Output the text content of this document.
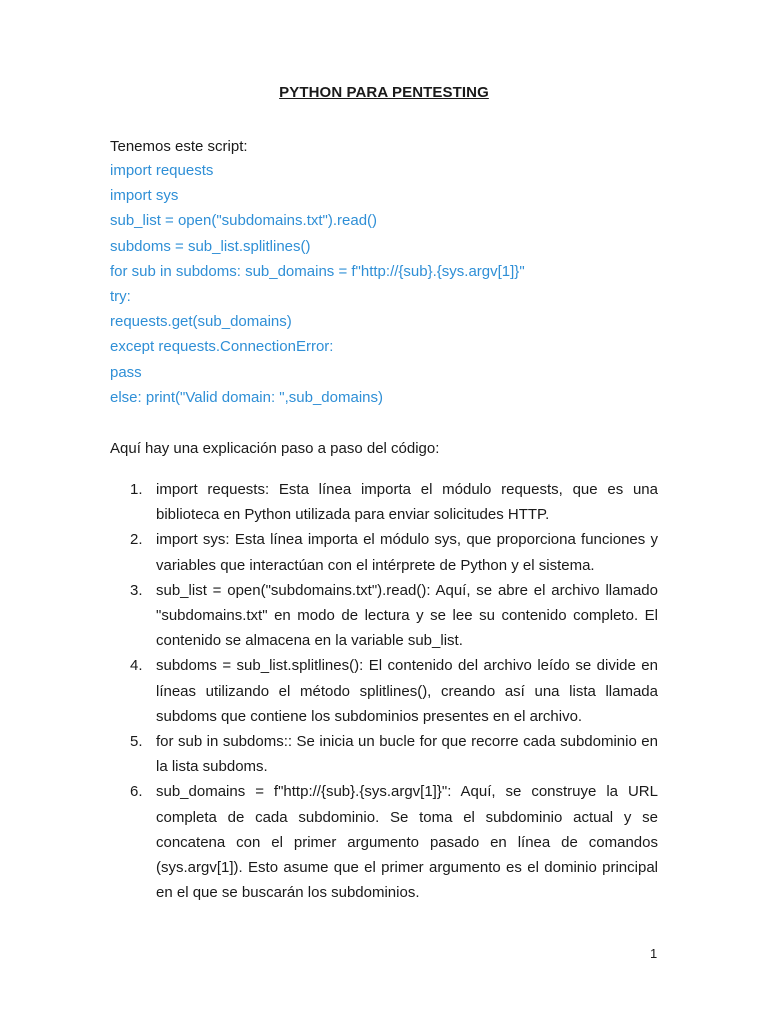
PYTHON PARA PENTESTING
Tenemos este script:
import requests
import sys
sub_list = open("subdomains.txt").read()
subdoms = sub_list.splitlines()
for sub in subdoms: sub_domains = f"http://{sub}.{sys.argv[1]}"
try:
requests.get(sub_domains)
except requests.ConnectionError:
pass
else: print("Valid domain: ",sub_domains)
Aquí hay una explicación paso a paso del código:
1. import requests: Esta línea importa el módulo requests, que es una biblioteca en Python utilizada para enviar solicitudes HTTP.
2. import sys: Esta línea importa el módulo sys, que proporciona funciones y variables que interactúan con el intérprete de Python y el sistema.
3. sub_list = open("subdomains.txt").read(): Aquí, se abre el archivo llamado "subdomains.txt" en modo de lectura y se lee su contenido completo. El contenido se almacena en la variable sub_list.
4. subdoms = sub_list.splitlines(): El contenido del archivo leído se divide en líneas utilizando el método splitlines(), creando así una lista llamada subdoms que contiene los subdominios presentes en el archivo.
5. for sub in subdoms:: Se inicia un bucle for que recorre cada subdominio en la lista subdoms.
6. sub_domains = f"http://{sub}.{sys.argv[1]}": Aquí, se construye la URL completa de cada subdominio. Se toma el subdominio actual y se concatena con el primer argumento pasado en línea de comandos (sys.argv[1]). Esto asume que el primer argumento es el dominio principal en el que se buscarán los subdominios.
1
